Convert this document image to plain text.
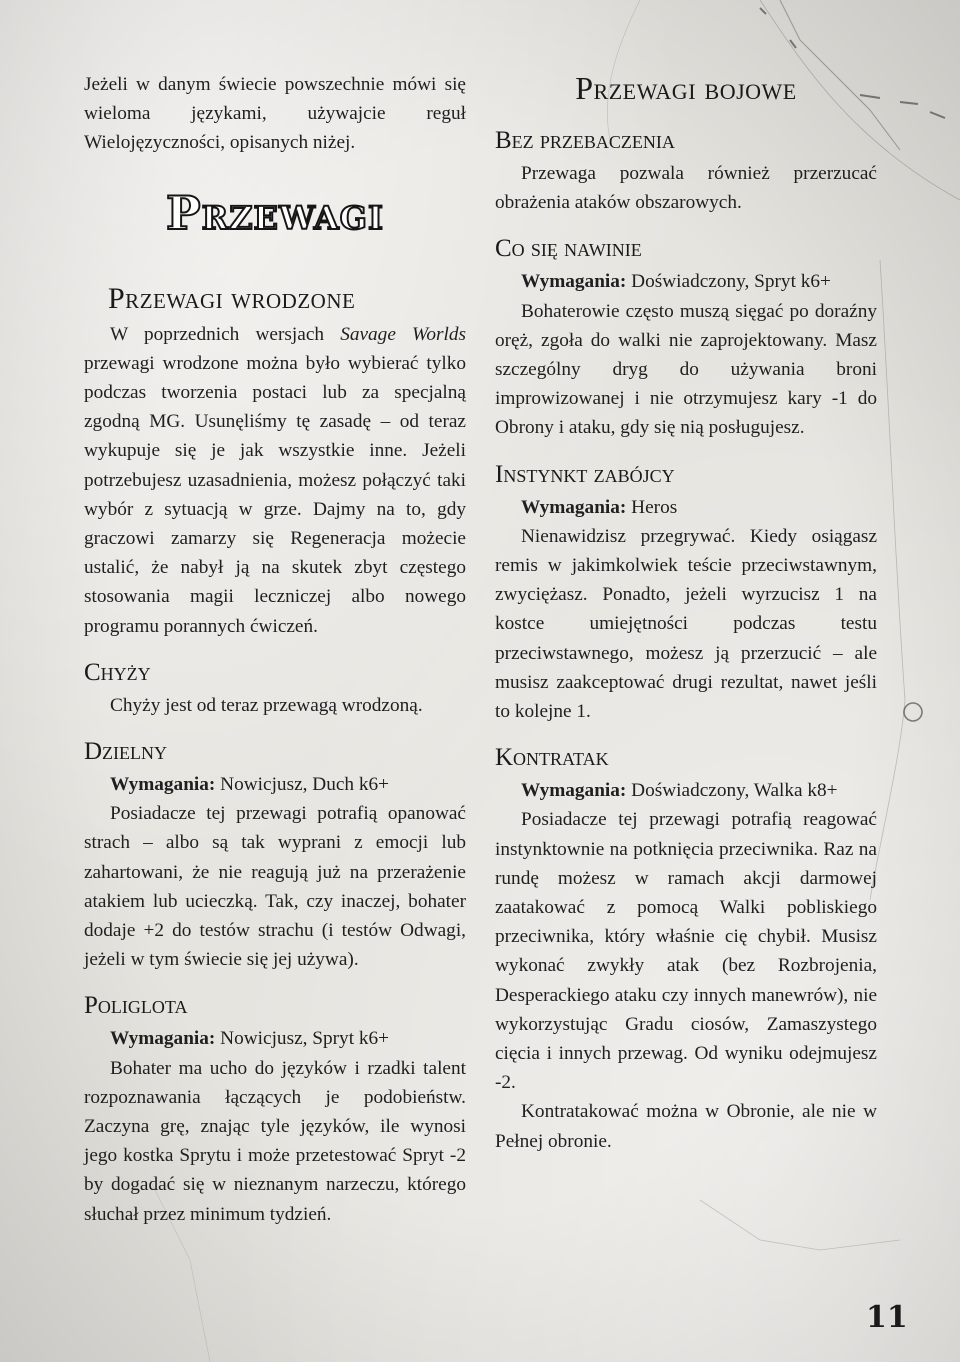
Jeżeli w danym świecie powszechnie mówi się wieloma językami, używajcie reguł Wielojęzyczności, opisanych niżej.

Przewagi
Przewagi wrodzone

W poprzednich wersjach Savage Worlds przewagi wrodzone można było wybierać tylko podczas tworzenia postaci lub za specjalną zgodną MG. Usunęliśmy tę zasadę – od teraz wykupuje się je jak wszystkie inne. Jeżeli potrzebujesz uzasadnienia, możesz połączyć taki wybór z sytuacją w grze. Dajmy na to, gdy graczowi zamarzy się Regeneracja możecie ustalić, że nabył ją na skutek zbyt częstego stosowania magii leczniczej albo nowego programu porannych ćwiczeń.

Chyży

Chyży jest od teraz przewagą wrodzoną.

Dzielny

Wymagania: Nowicjusz, Duch k6+

Posiadacze tej przewagi potrafią opanować strach – albo są tak wyprani z emocji lub zahartowani, że nie reagują już na przerażenie atakiem lub ucieczką. Tak, czy inaczej, bohater dodaje +2 do testów strachu (i testów Odwagi, jeżeli w tym świecie się jej używa).

Poliglota

Wymagania: Nowicjusz, Spryt k6+

Bohater ma ucho do języków i rzadki talent rozpoznawania łączących je podobieństw. Zaczyna grę, znając tyle języków, ile wynosi jego kostka Sprytu i może przetestować Spryt -2 by dogadać się w nieznanym narzeczu, którego słuchał przez minimum tydzień.

Przewagi bojowe
Bez przebaczenia

Przewaga pozwala również przerzucać obrażenia ataków obszarowych.

Co się nawinie

Wymagania: Doświadczony, Spryt k6+

Bohaterowie często muszą sięgać po doraźny oręż, zgoła do walki nie zaprojektowany. Masz szczególny dryg do używania broni improwizowanej i nie otrzymujesz kary -1 do Obrony i ataku, gdy się nią posługujesz.

Instynkt zabójcy

Wymagania: Heros

Nienawidzisz przegrywać. Kiedy osiągasz remis w jakimkolwiek teście przeciwstawnym, zwyciężasz. Ponadto, jeżeli wyrzucisz 1 na kostce umiejętności podczas testu przeciwstawnego, możesz ją przerzucić – ale musisz zaakceptować drugi rezultat, nawet jeśli to kolejne 1.

Kontratak

Wymagania: Doświadczony, Walka k8+

Posiadacze tej przewagi potrafią reagować instynktownie na potknięcia przeciwnika. Raz na rundę możesz w ramach akcji darmowej zaatakować z pomocą Walki pobliskiego przeciwnika, który właśnie cię chybił. Musisz wykonać zwykły atak (bez Rozbrojenia, Desperackiego ataku czy innych manewrów), nie wykorzystując Gradu ciosów, Zamaszystego cięcia i innych przewag. Od wyniku odejmujesz -2.

Kontratakować można w Obronie, ale nie w Pełnej obronie.

11
